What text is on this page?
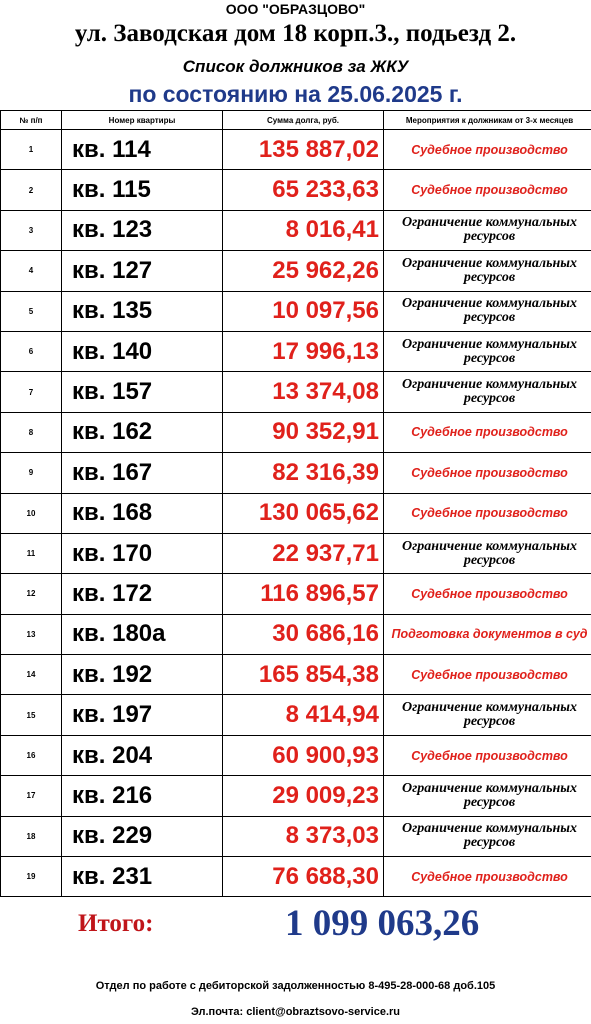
ООО "ОБРАЗЦОВО"
ул. Заводская дом 18 корп.3., подьезд 2.
Список должников за ЖКУ
по состоянию на 25.06.2025 г.
№ п/п	Номер квартиры	Сумма долга, руб.	Мероприятия к должникам от 3-х месяцев
1	кв. 114	135 887,02	Судебное производство
2	кв. 115	65 233,63	Судебное производство
3	кв. 123	8 016,41	Ограничение коммунальных ресурсов
4	кв. 127	25 962,26	Ограничение коммунальных ресурсов
5	кв. 135	10 097,56	Ограничение коммунальных ресурсов
6	кв. 140	17 996,13	Ограничение коммунальных ресурсов
7	кв. 157	13 374,08	Ограничение коммунальных ресурсов
8	кв. 162	90 352,91	Судебное производство
9	кв. 167	82 316,39	Судебное производство
10	кв. 168	130 065,62	Судебное производство
11	кв. 170	22 937,71	Ограничение коммунальных ресурсов
12	кв. 172	116 896,57	Судебное производство
13	кв. 180а	30 686,16	Подготовка документов в суд
14	кв. 192	165 854,38	Судебное производство
15	кв. 197	8 414,94	Ограничение коммунальных ресурсов
16	кв. 204	60 900,93	Судебное производство
17	кв. 216	29 009,23	Ограничение коммунальных ресурсов
18	кв. 229	8 373,03	Ограничение коммунальных ресурсов
19	кв. 231	76 688,30	Судебное производство
Итого:	1 099 063,26
Отдел по работе с дебиторской задолженностью 8-495-28-000-68 доб.105
Эл.почта: client@obraztsovo-service.ru
